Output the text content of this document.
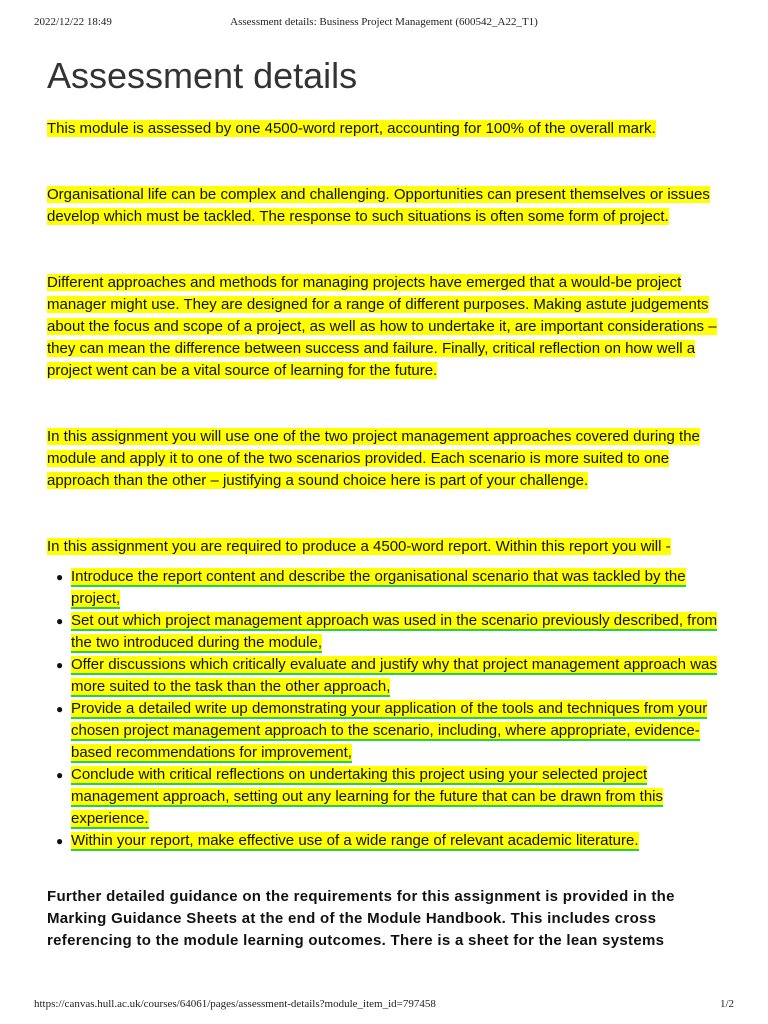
2022/12/22 18:49	Assessment details: Business Project Management (600542_A22_T1)
Assessment details

This module is assessed by one 4500-word report, accounting for 100% of the overall mark.

Organisational life can be complex and challenging. Opportunities can present themselves or issues develop which must be tackled. The response to such situations is often some form of project.

Different approaches and methods for managing projects have emerged that a would-be project manager might use. They are designed for a range of different purposes. Making astute judgements about the focus and scope of a project, as well as how to undertake it, are important considerations – they can mean the difference between success and failure. Finally, critical reflection on how well a project went can be a vital source of learning for the future.

In this assignment you will use one of the two project management approaches covered during the module and apply it to one of the two scenarios provided. Each scenario is more suited to one approach than the other – justifying a sound choice here is part of your challenge.

In this assignment you are required to produce a 4500-word report. Within this report you will -

● Introduce the report content and describe the organisational scenario that was tackled by the project,
● Set out which project management approach was used in the scenario previously described, from the two introduced during the module,
● Offer discussions which critically evaluate and justify why that project management approach was more suited to the task than the other approach,
● Provide a detailed write up demonstrating your application of the tools and techniques from your chosen project management approach to the scenario, including, where appropriate, evidence-based recommendations for improvement,
● Conclude with critical reflections on undertaking this project using your selected project management approach, setting out any learning for the future that can be drawn from this experience.
● Within your report, make effective use of a wide range of relevant academic literature.

Further detailed guidance on the requirements for this assignment is provided in the Marking Guidance Sheets at the end of the Module Handbook. This includes cross referencing to the module learning outcomes. There is a sheet for the lean systems

https://canvas.hull.ac.uk/courses/64061/pages/assessment-details?module_item_id=797458	1/2
